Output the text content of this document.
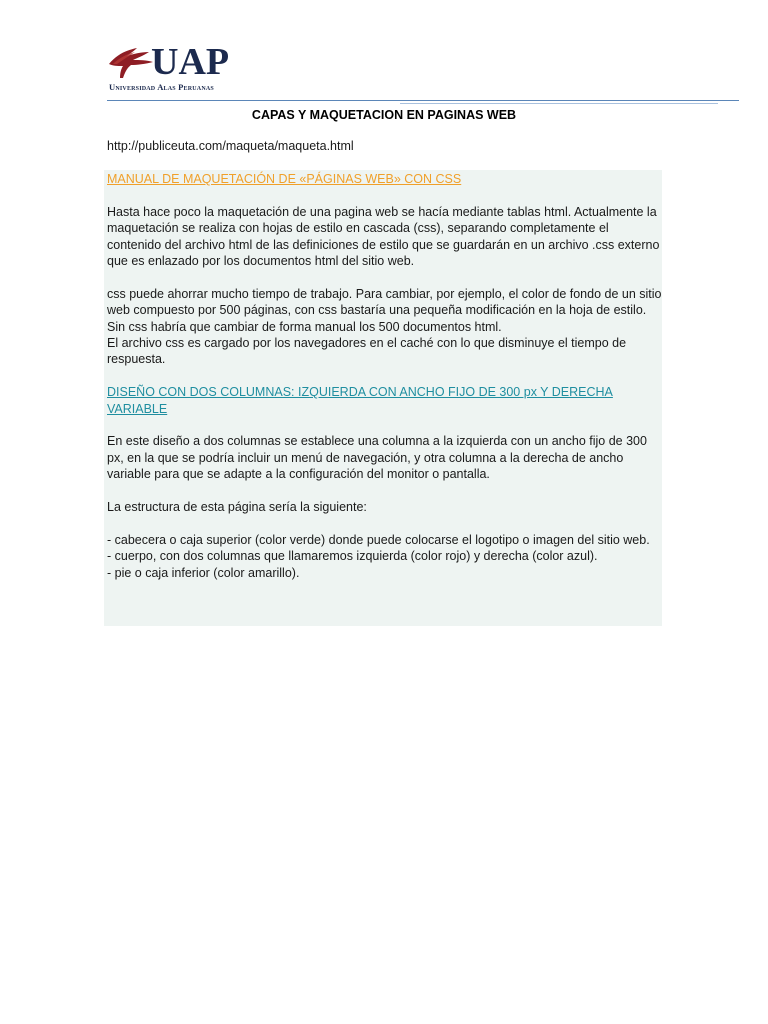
UAP
Universidad Alas Peruanas
CAPAS Y MAQUETACION EN PAGINAS WEB
http://publiceuta.com/maqueta/maqueta.html

MANUAL DE MAQUETACIÓN DE «PÁGINAS WEB» CON CSS

Hasta hace poco la maquetación de una pagina web se hacía mediante tablas html. Actualmente la maquetación se realiza con hojas de estilo en cascada (css), separando completamente el contenido del archivo html de las definiciones de estilo que se guardarán en un archivo .css externo que es enlazado por los documentos html del sitio web.

css puede ahorrar mucho tiempo de trabajo. Para cambiar, por ejemplo, el color de fondo de un sitio web compuesto por 500 páginas, con css bastaría una pequeña modificación en la hoja de estilo. Sin css habría que cambiar de forma manual los 500 documentos html.

El archivo css es cargado por los navegadores en el caché con lo que disminuye el tiempo de respuesta.

DISEÑO CON DOS COLUMNAS: IZQUIERDA CON ANCHO FIJO DE 300 px Y DERECHA VARIABLE

En este diseño a dos columnas se establece una columna a la izquierda con un ancho fijo de 300 px, en la que se podría incluir un menú de navegación, y otra columna a la derecha de ancho variable para que se adapte a la configuración del monitor o pantalla.

La estructura de esta página sería la siguiente:

- cabecera o caja superior (color verde) donde puede colocarse el logotipo o imagen del sitio web.

- cuerpo, con dos columnas que llamaremos izquierda (color rojo) y derecha (color azul).

- pie o caja inferior (color amarillo).
